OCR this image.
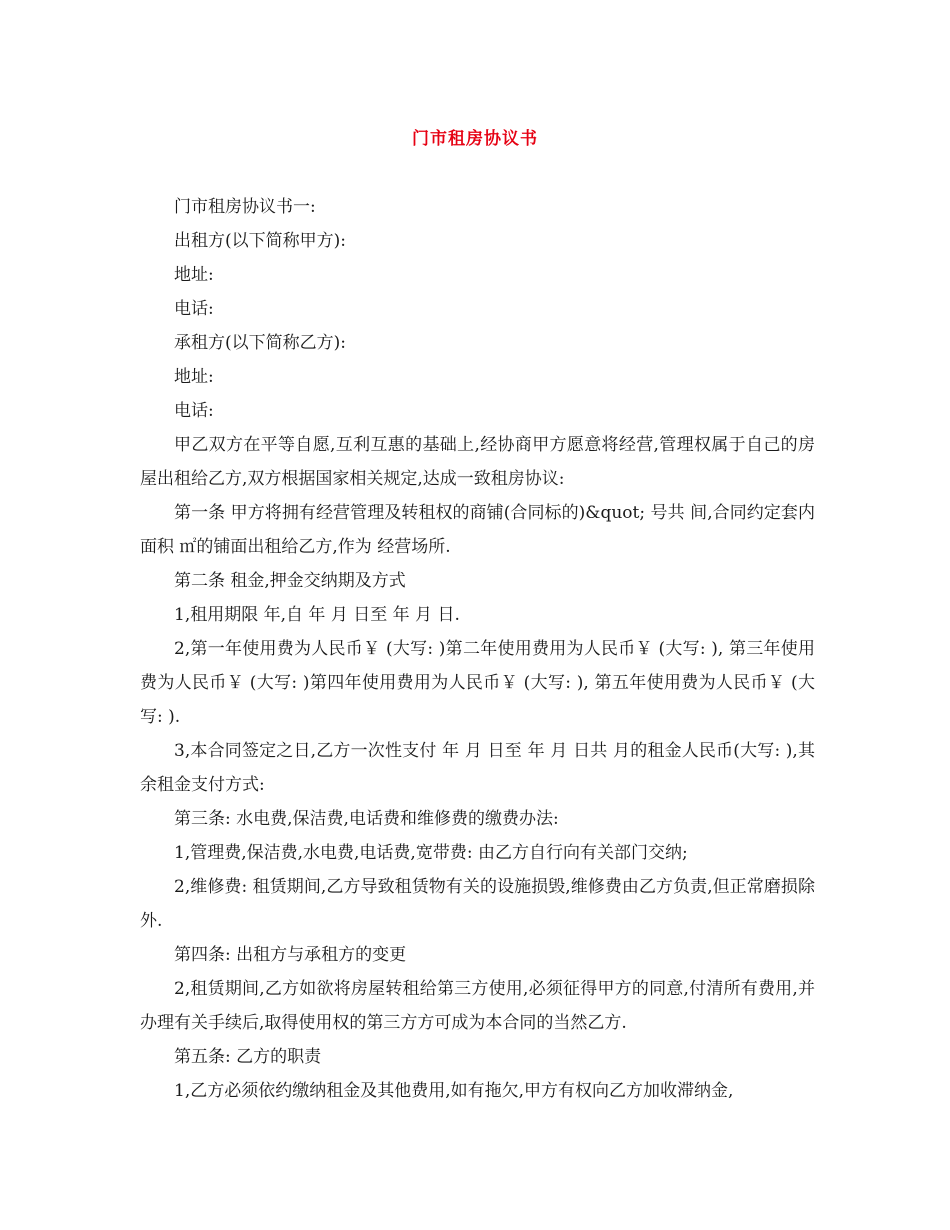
门市租房协议书

门市租房协议书一:

出租方(以下简称甲方):

地址:

电话:

承租方(以下简称乙方):

地址:

电话:

甲乙双方在平等自愿,互利互惠的基础上,经协商甲方愿意将经营,管理权属于自己的房屋出租给乙方,双方根据国家相关规定,达成一致租房协议:

第一条 甲方将拥有经营管理及转租权的商铺(合同标的)&quot; 号共 间,合同约定套内面积 ㎡的铺面出租给乙方,作为 经营场所.

第二条 租金,押金交纳期及方式

1,租用期限 年,自 年 月 日至 年 月 日.

2,第一年使用费为人民币￥ (大写: )第二年使用费用为人民币￥ (大写: ), 第三年使用费为人民币￥ (大写: )第四年使用费用为人民币￥ (大写: ), 第五年使用费为人民币￥ (大写: ).

3,本合同签定之日,乙方一次性支付 年 月 日至 年 月 日共 月的租金人民币(大写: ),其余租金支付方式:

第三条: 水电费,保洁费,电话费和维修费的缴费办法:

1,管理费,保洁费,水电费,电话费,宽带费: 由乙方自行向有关部门交纳;

2,维修费: 租赁期间,乙方导致租赁物有关的设施损毁,维修费由乙方负责,但正常磨损除外.

第四条: 出租方与承租方的变更

2,租赁期间,乙方如欲将房屋转租给第三方使用,必须征得甲方的同意,付清所有费用,并办理有关手续后,取得使用权的第三方方可成为本合同的当然乙方.

第五条: 乙方的职责

1,乙方必须依约缴纳租金及其他费用,如有拖欠,甲方有权向乙方加收滞纳金,
